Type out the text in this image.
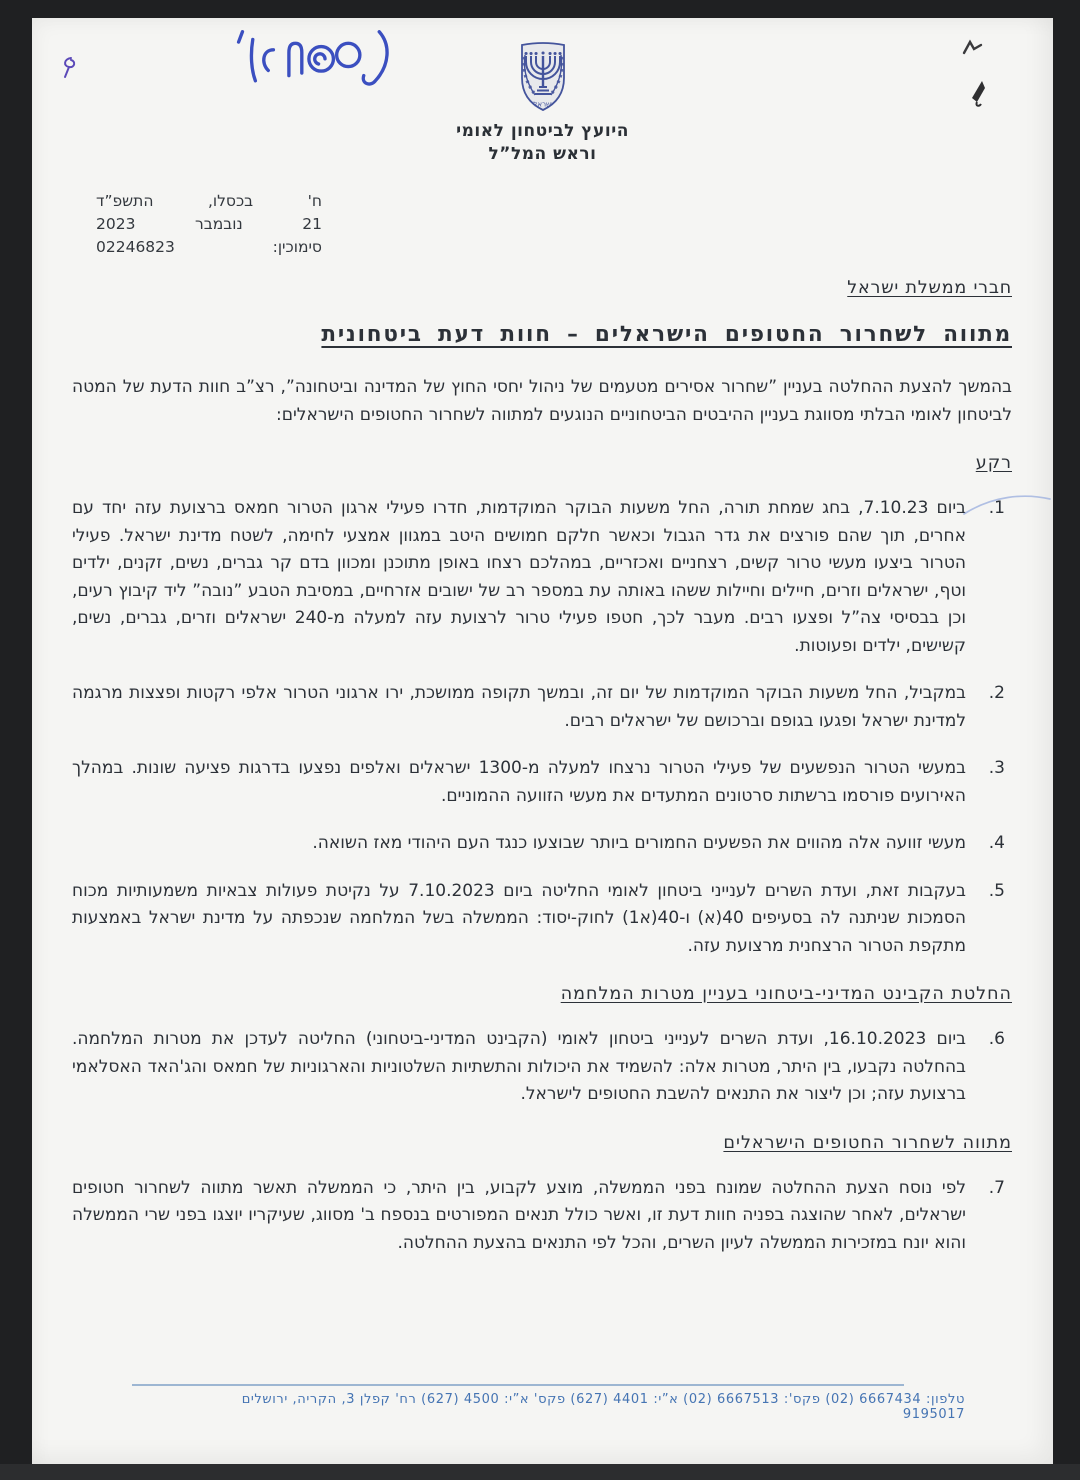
ישראל
היועץ לביטחון לאומי
וראש המל”ל
ח'
בכסלו,
התשפ”ד
21
נובמבר
2023
סימוכין:
02246823
חברי ממשלת ישראל
מתווה לשחרור החטופים הישראלים – חוות דעת ביטחונית
בהמשך להצעת ההחלטה בעניין ”שחרור אסירים מטעמים של ניהול יחסי החוץ של המדינה וביטחונה”, רצ”ב חוות הדעת של המטה לביטחון לאומי הבלתי מסווגת בעניין ההיבטים הביטחוניים הנוגעים למתווה לשחרור החטופים הישראלים:
רקע
1.
ביום 7.10.23, בחג שמחת תורה, החל משעות הבוקר המוקדמות, חדרו פעילי ארגון הטרור חמאס ברצועת עזה יחד עם אחרים, תוך שהם פורצים את גדר הגבול וכאשר חלקם חמושים היטב במגוון אמצעי לחימה, לשטח מדינת ישראל. פעילי הטרור ביצעו מעשי טרור קשים, רצחניים ואכזריים, במהלכם רצחו באופן מתוכנן ומכוון בדם קר גברים, נשים, זקנים, ילדים וטף, ישראלים וזרים, חיילים וחיילות ששהו באותה עת במספר רב של ישובים אזרחיים, במסיבת הטבע ”נובה” ליד קיבוץ רעים, וכן בבסיסי צה”ל ופצעו רבים. מעבר לכך, חטפו פעילי טרור לרצועת עזה למעלה מ-240 ישראלים וזרים, גברים, נשים, קשישים, ילדים ופעוטות.
2.
במקביל, החל משעות הבוקר המוקדמות של יום זה, ובמשך תקופה ממושכת, ירו ארגוני הטרור אלפי רקטות ופצצות מרגמה למדינת ישראל ופגעו בגופם וברכושם של ישראלים רבים.
3.
במעשי הטרור הנפשעים של פעילי הטרור נרצחו למעלה מ-1300 ישראלים ואלפים נפצעו בדרגות פציעה שונות. במהלך האירועים פורסמו ברשתות סרטונים המתעדים את מעשי הזוועה ההמוניים.
4.
מעשי זוועה אלה מהווים את הפשעים החמורים ביותר שבוצעו כנגד העם היהודי מאז השואה.
5.
בעקבות זאת, ועדת השרים לענייני ביטחון לאומי החליטה ביום 7.10.2023 על נקיטת פעולות צבאיות משמעותיות מכוח הסמכות שניתנה לה בסעיפים 40(א) ו-40(א1) לחוק-יסוד: הממשלה בשל המלחמה שנכפתה על מדינת ישראל באמצעות מתקפת הטרור הרצחנית מרצועת עזה.
החלטת הקבינט המדיני-ביטחוני בעניין מטרות המלחמה
6.
ביום 16.10.2023, ועדת השרים לענייני ביטחון לאומי (הקבינט המדיני-ביטחוני) החליטה לעדכן את מטרות המלחמה. בהחלטה נקבעו, בין היתר, מטרות אלה: להשמיד את היכולות והתשתיות השלטוניות והארגוניות של חמאס והג'האד האסלאמי ברצועת עזה; וכן ליצור את התנאים להשבת החטופים לישראל.
מתווה לשחרור החטופים הישראלים
7.
לפי נוסח הצעת ההחלטה שמונח בפני הממשלה, מוצע לקבוע, בין היתר, כי הממשלה תאשר מתווה לשחרור חטופים ישראלים, לאחר שהוצגה בפניה חוות דעת זו, ואשר כולל תנאים המפורטים בנספח ב' מסווג, שעיקריו יוצגו בפני שרי הממשלה והוא יונח במזכירות הממשלה לעיון השרים, והכל לפי התנאים בהצעת ההחלטה.
טלפון: 6667434 (02) פקס': 6667513 (02) א”י: 4401 (627) פקס' א”י: 4500 (627) רח' קפלן 3, הקריה, ירושלים 9195017
